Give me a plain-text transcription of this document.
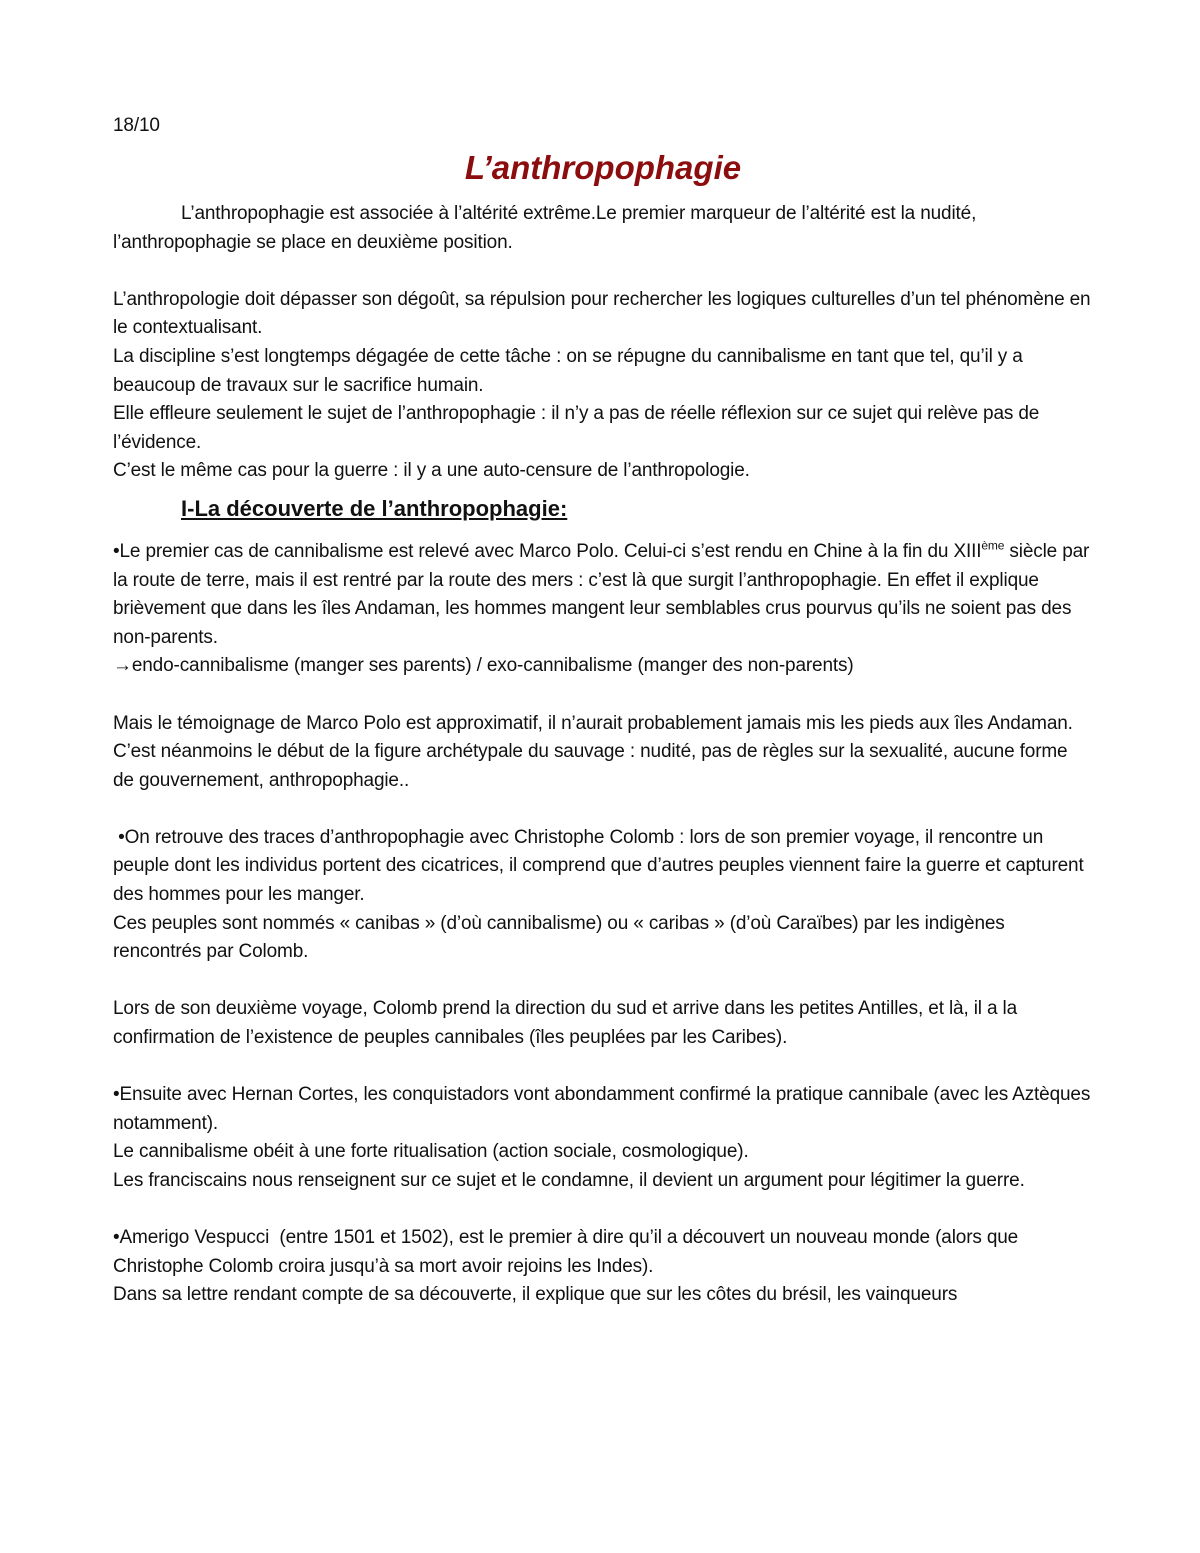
18/10

L’anthropophagie

L’anthropophagie est associée à l’altérité extrême.Le premier marqueur de l’altérité est la nudité, l’anthropophagie se place en deuxième position.

L’anthropologie doit dépasser son dégoût, sa répulsion pour rechercher les logiques culturelles d’un tel phénomène en le contextualisant.

La discipline s’est longtemps dégagée de cette tâche : on se répugne du cannibalisme en tant que tel, qu’il y a beaucoup de travaux sur le sacrifice humain.

Elle effleure seulement le sujet de l’anthropophagie : il n’y a pas de réelle réflexion sur ce sujet qui relève pas de l’évidence.

C’est le même cas pour la guerre : il y a une auto-censure de l’anthropologie.

I-La découverte de l’anthropophagie:

•Le premier cas de cannibalisme est relevé avec Marco Polo. Celui-ci s’est rendu en Chine à la fin du XIIIème siècle par la route de terre, mais il est rentré par la route des mers : c’est là que surgit l’anthropophagie. En effet il explique brièvement que dans les îles Andaman, les hommes mangent leur semblables crus pourvus qu’ils ne soient pas des non-parents.

→endo-cannibalisme (manger ses parents) / exo-cannibalisme (manger des non-parents)

Mais le témoignage de Marco Polo est approximatif, il n’aurait probablement jamais mis les pieds aux îles Andaman.

C’est néanmoins le début de la figure archétypale du sauvage : nudité, pas de règles sur la sexualité, aucune forme de gouvernement, anthropophagie..

•On retrouve des traces d’anthropophagie avec Christophe Colomb : lors de son premier voyage, il rencontre un peuple dont les individus portent des cicatrices, il comprend que d’autres peuples viennent faire la guerre et capturent des hommes pour les manger.

Ces peuples sont nommés « canibas » (d’où cannibalisme) ou « caribas » (d’où Caraïbes) par les indigènes rencontrés par Colomb.

Lors de son deuxième voyage, Colomb prend la direction du sud et arrive dans les petites Antilles, et là, il a la confirmation de l’existence de peuples cannibales (îles peuplées par les Caribes).

•Ensuite avec Hernan Cortes, les conquistadors vont abondamment confirmé la pratique cannibale (avec les Aztèques notamment).

Le cannibalisme obéit à une forte ritualisation (action sociale, cosmologique).

Les franciscains nous renseignent sur ce sujet et le condamne, il devient un argument pour légitimer la guerre.

•Amerigo Vespucci  (entre 1501 et 1502), est le premier à dire qu’il a découvert un nouveau monde (alors que Christophe Colomb croira jusqu’à sa mort avoir rejoins les Indes).

Dans sa lettre rendant compte de sa découverte, il explique que sur les côtes du brésil, les vainqueurs
